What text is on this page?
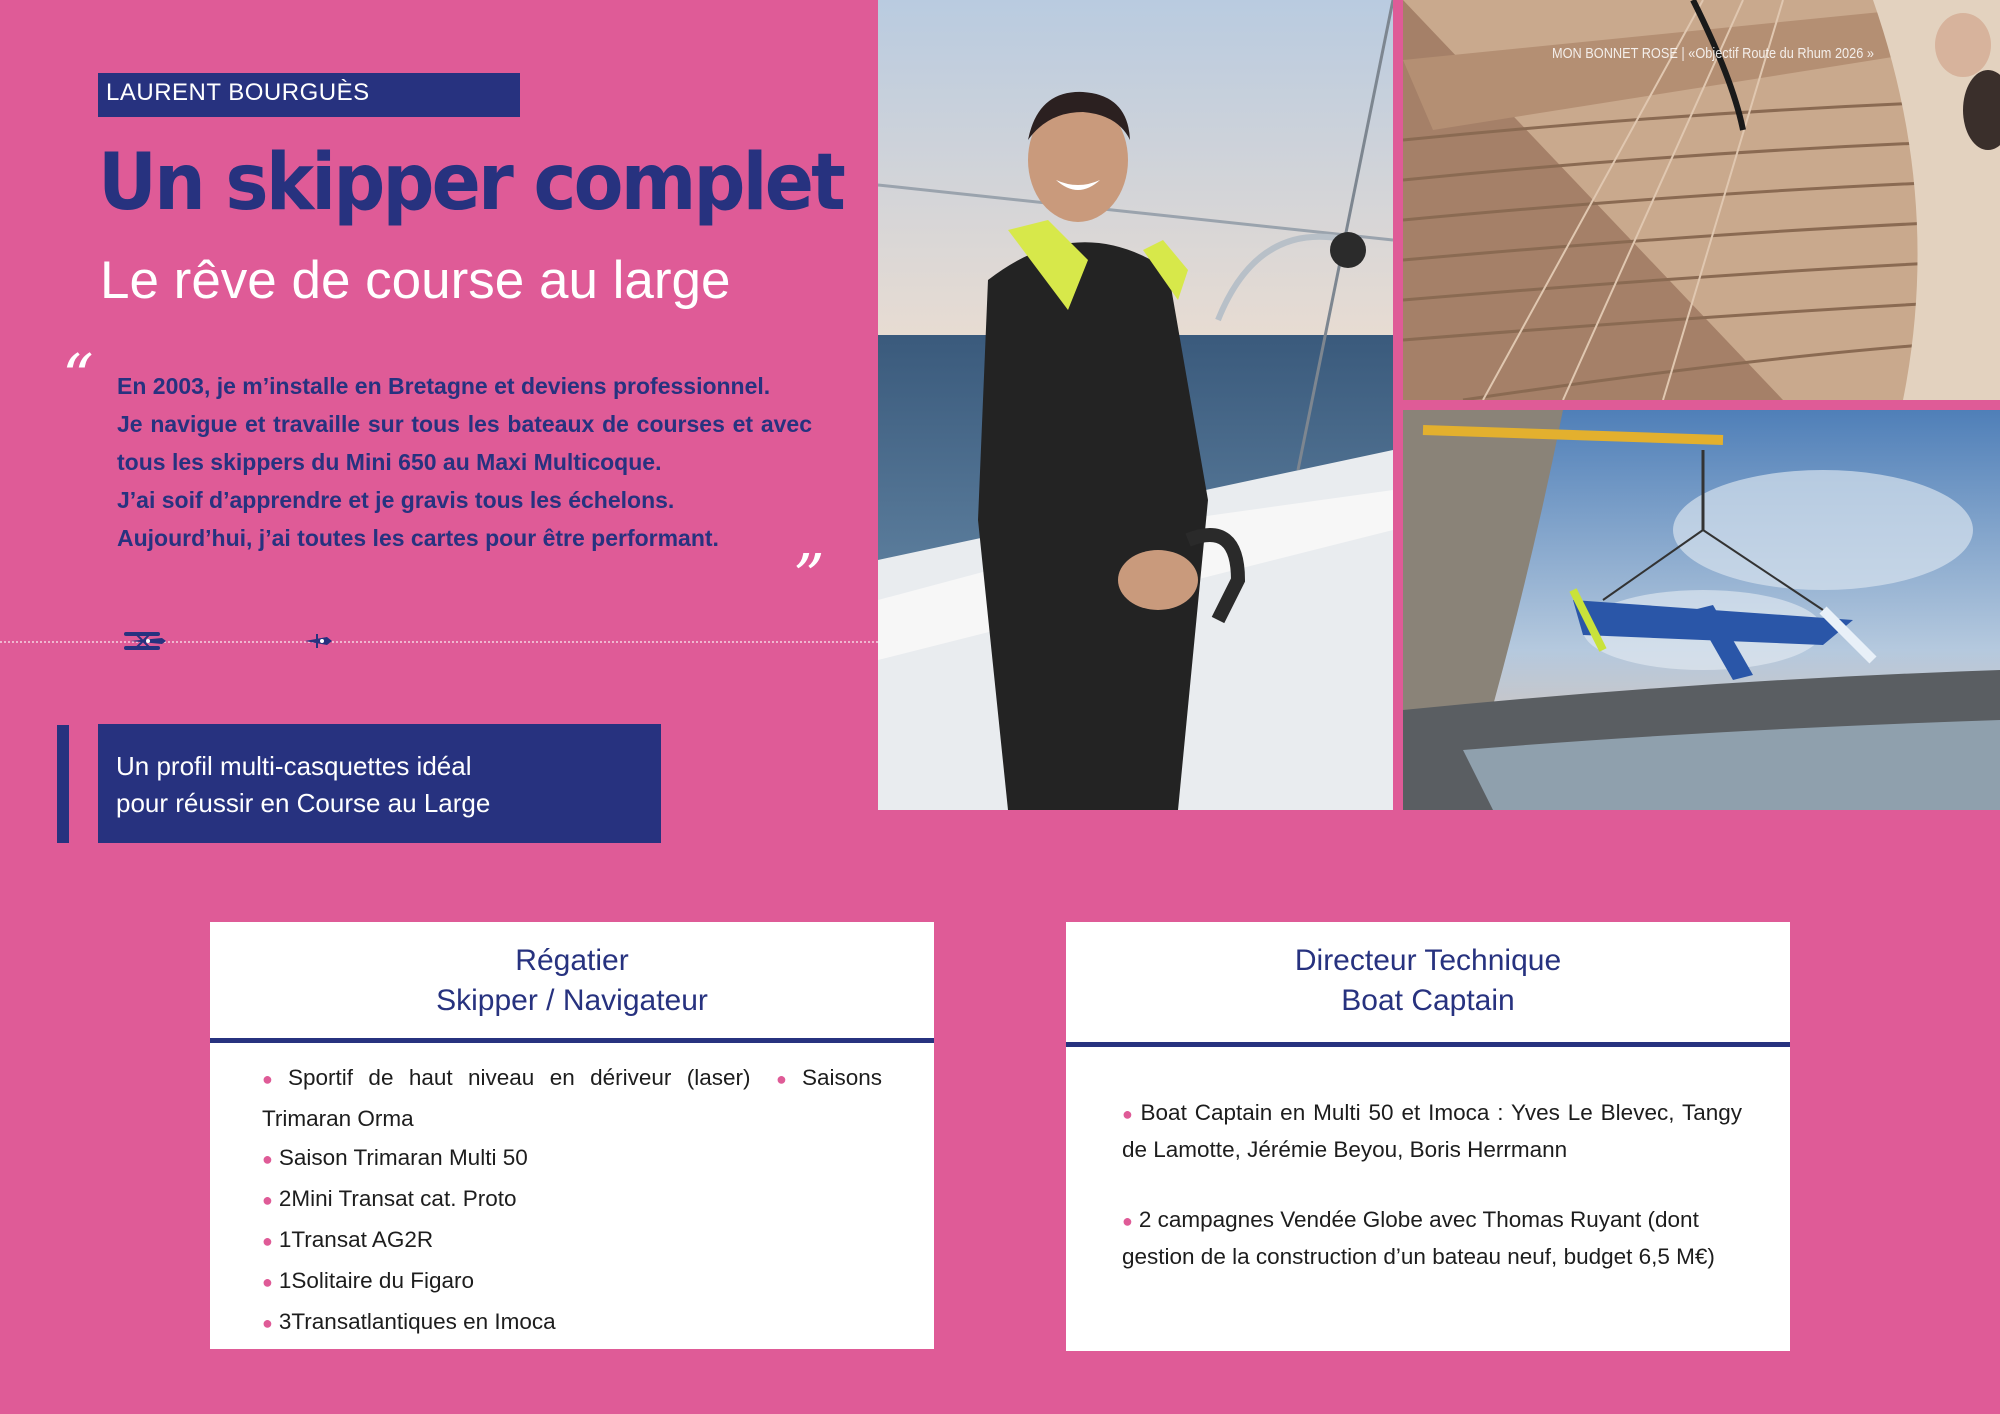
LAURENT BOURGUÈS
Un skipper complet
Le rêve de course au large
“ En 2003, je m’installe en Bretagne et deviens professionnel.

Je navigue et travaille sur tous les bateaux de courses et avec tous les skippers du Mini 650 au Maxi Multicoque.

J’ai soif d’apprendre et je gravis tous les échelons.

Aujourd’hui, j’ai toutes les cartes pour être performant.

”
Un profil multi-casquettes idéal
pour réussir en Course au Large
MON BONNET ROSE | «Objectif Route du Rhum 2026 »
Régatier
Skipper / Navigateur
● Sportif de haut niveau en dériveur (laser) ● Saisons Trimaran Orma
● Saison Trimaran Multi 50
● 2Mini Transat cat. Proto
● 1Transat AG2R
● 1Solitaire du Figaro
● 3Transatlantiques en Imoca
Directeur Technique
Boat Captain
● Boat Captain en Multi 50 et Imoca : Yves Le Blevec, Tangy de Lamotte, Jérémie Beyou, Boris Herrmann
● 2 campagnes Vendée Globe avec Thomas Ruyant (dont gestion de la construction d’un bateau neuf, budget 6,5 M€)
